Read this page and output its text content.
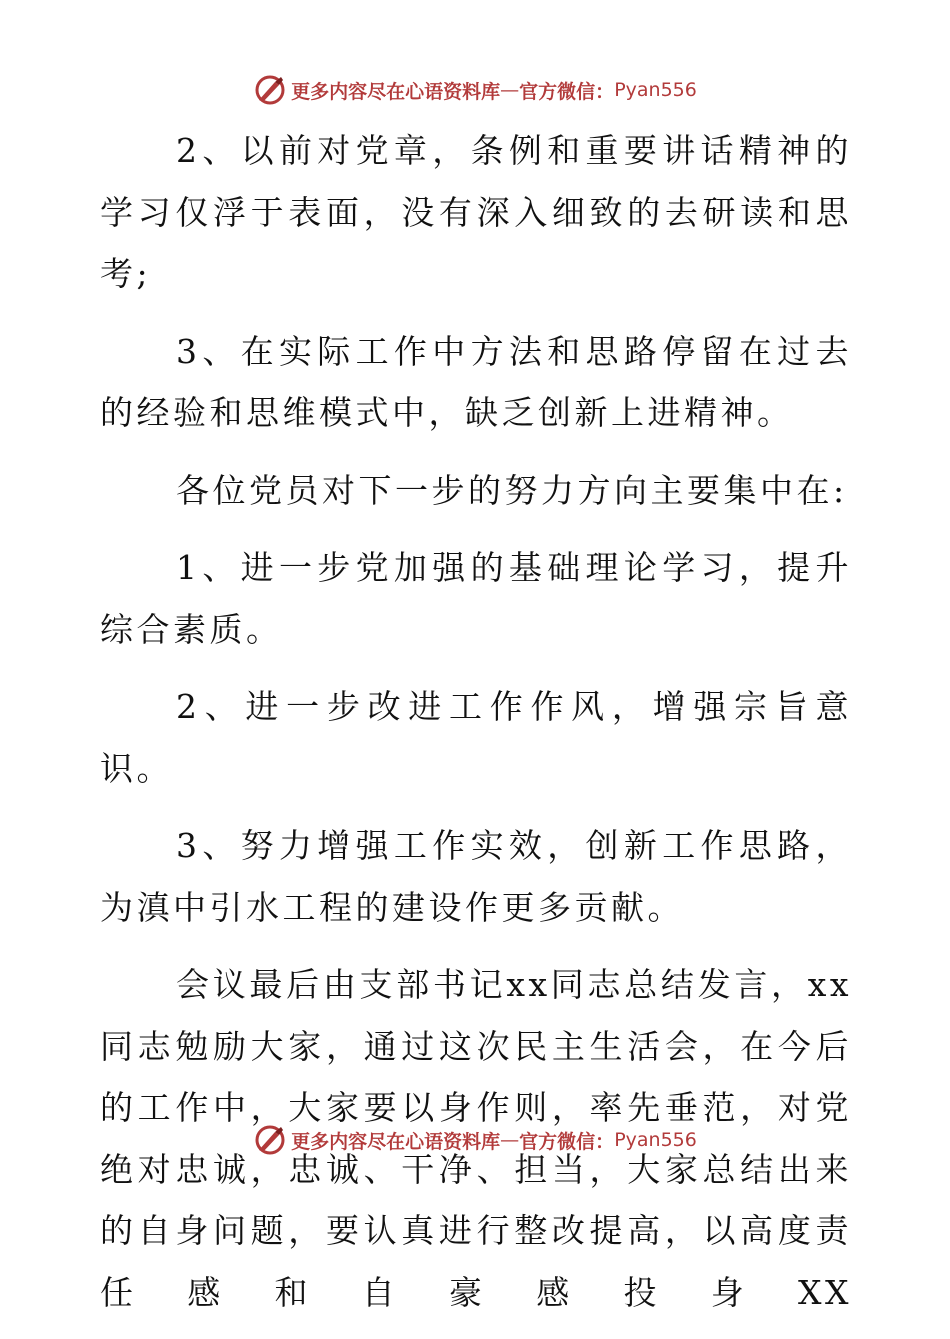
更多内容尽在心语资料库 — 官方微信： Pyan556

2、以前对党章，条例和重要讲话精神的学习仅浮于表面，没有深入细致的去研读和思考;

3、在实际工作中方法和思路停留在过去的经验和思维模式中，缺乏创新上进精神。

各位党员对下一步的努力方向主要集中在:

1、进一步党加强的基础理论学习，提升综合素质。

2、进一步改进工作作风，增强宗旨意识。

3、努力增强工作实效，创新工作思路，为滇中引水工程的建设作更多贡献。

会议最后由支部书记xx同志总结发言，xx同志勉励大家，通过这次民主生活会，在今后的工作中，大家要以身作则，率先垂范，对党绝对忠诚，忠诚、干净、担当，大家总结出来的自身问题，要认真进行整改提高，以高度责任感和自豪感投身XX

更多内容尽在心语资料库 — 官方微信： Pyan556
